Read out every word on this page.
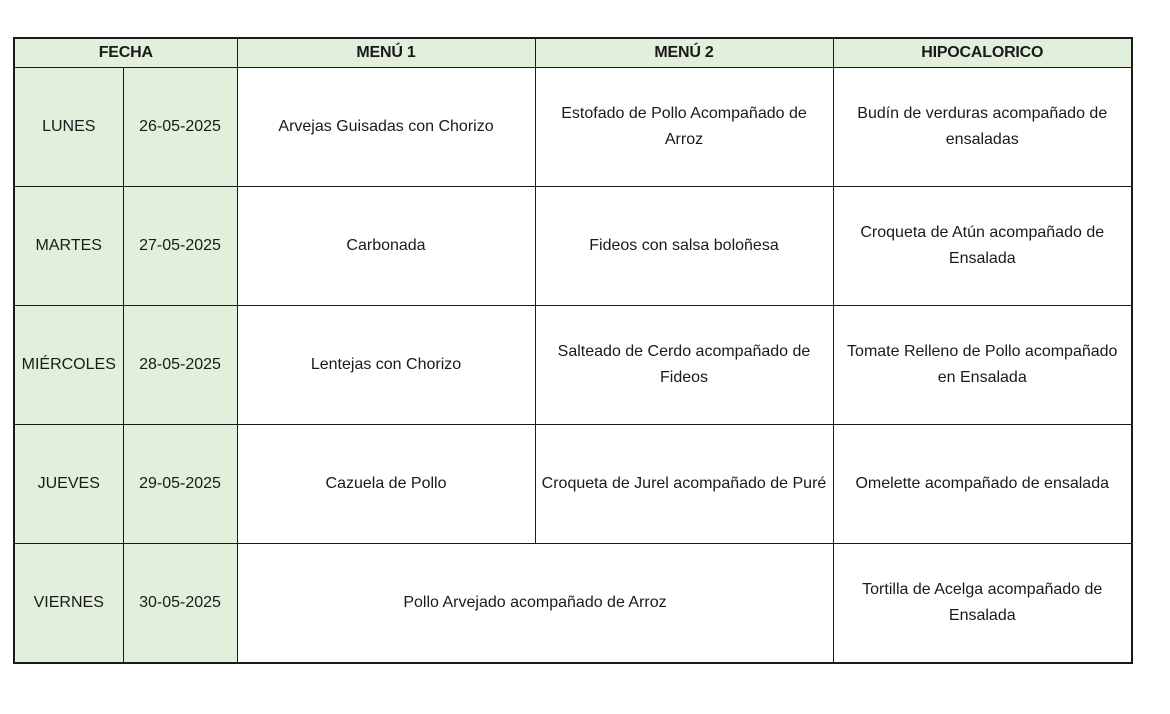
FECHA		MENÚ 1	MENÚ 2	HIPOCALORICO
LUNES	26-05-2025	Arvejas Guisadas con Chorizo	Estofado de Pollo Acompañado de Arroz	Budín de verduras acompañado de ensaladas
MARTES	27-05-2025	Carbonada	Fideos con salsa boloñesa	Croqueta de Atún acompañado de Ensalada
MIÉRCOLES	28-05-2025	Lentejas con Chorizo	Salteado de Cerdo acompañado de Fideos	Tomate Relleno de Pollo acompañado en Ensalada
JUEVES	29-05-2025	Cazuela de Pollo	Croqueta de Jurel acompañado de Puré	Omelette acompañado de ensalada
VIERNES	30-05-2025	Pollo Arvejado acompañado de Arroz		Tortilla de Acelga acompañado de Ensalada
